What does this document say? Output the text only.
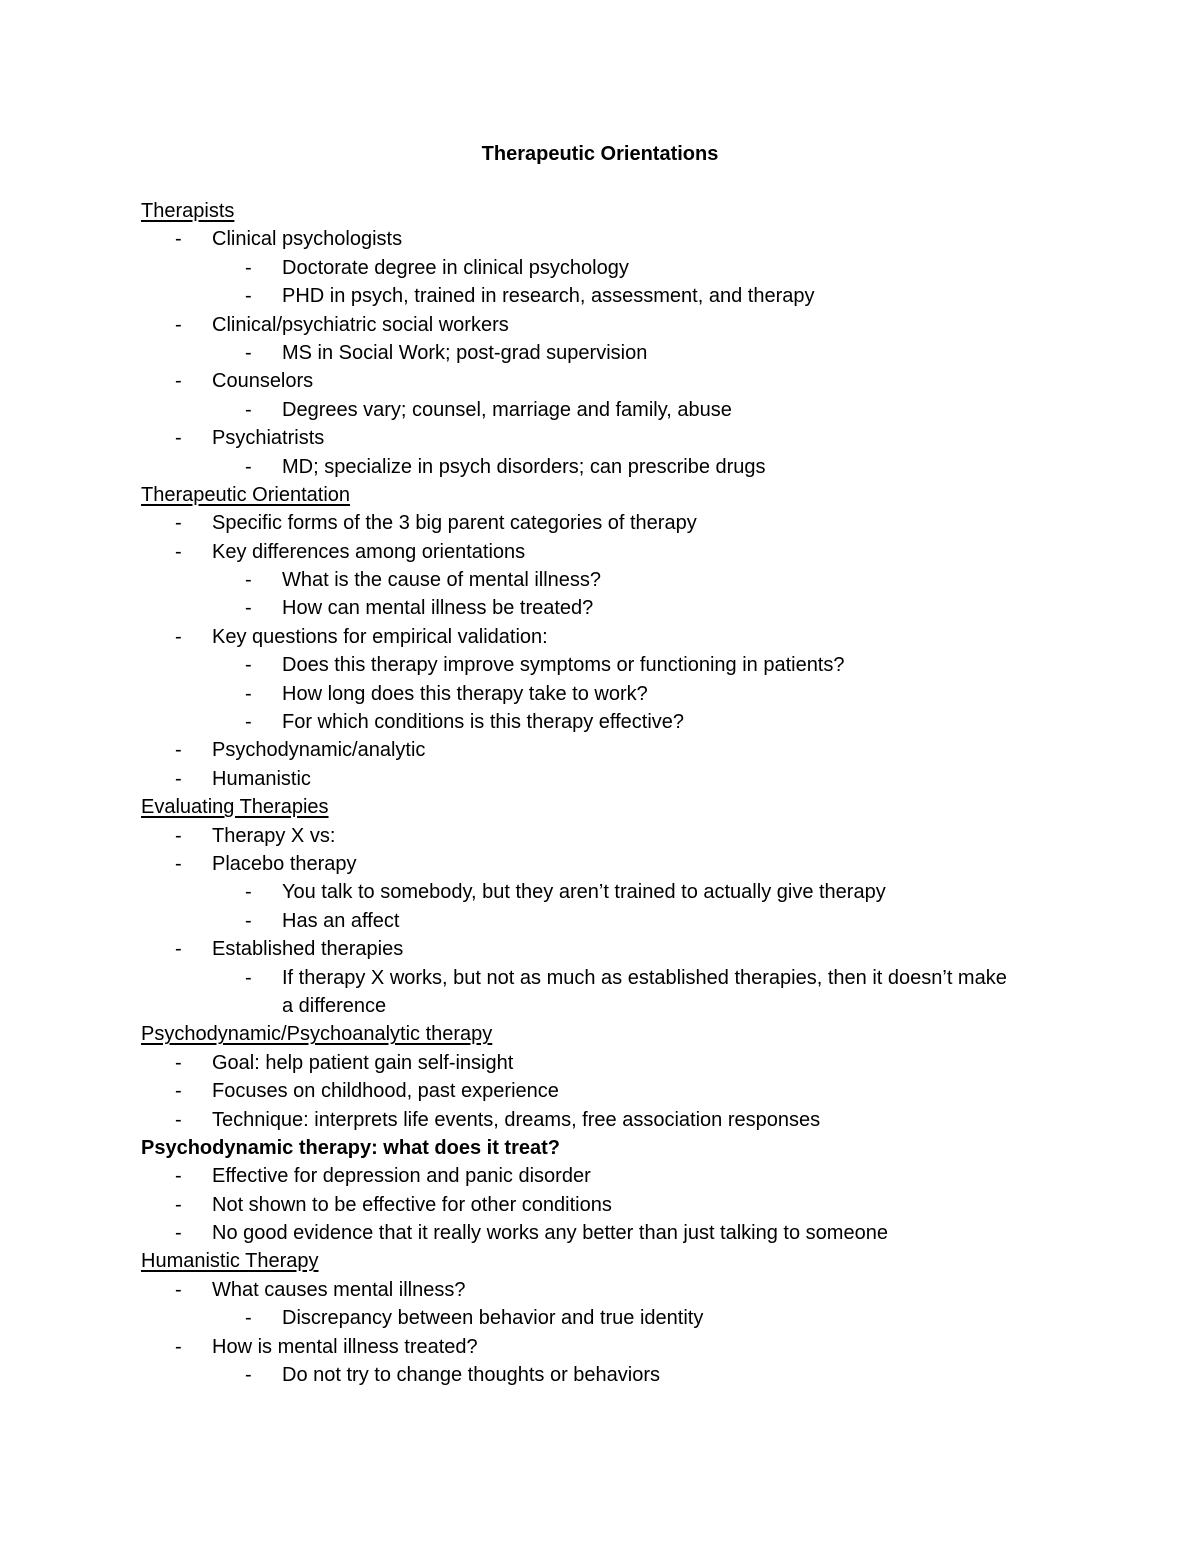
Therapeutic Orientations
Therapists
-	Clinical psychologists
-	Doctorate degree in clinical psychology
-	PHD in psych, trained in research, assessment, and therapy
-	Clinical/psychiatric social workers
-	MS in Social Work; post-grad supervision
-	Counselors
-	Degrees vary; counsel, marriage and family, abuse
-	Psychiatrists
-	MD; specialize in psych disorders; can prescribe drugs
Therapeutic Orientation
-	Specific forms of the 3 big parent categories of therapy
-	Key differences among orientations
-	What is the cause of mental illness?
-	How can mental illness be treated?
-	Key questions for empirical validation:
-	Does this therapy improve symptoms or functioning in patients?
-	How long does this therapy take to work?
-	For which conditions is this therapy effective?
-	Psychodynamic/analytic
-	Humanistic
Evaluating Therapies
-	Therapy X vs:
-	Placebo therapy
-	You talk to somebody, but they aren’t trained to actually give therapy
-	Has an affect
-	Established therapies
-	If therapy X works, but not as much as established therapies, then it doesn’t make a difference
Psychodynamic/Psychoanalytic therapy
-	Goal: help patient gain self-insight
-	Focuses on childhood, past experience
-	Technique: interprets life events, dreams, free association responses
Psychodynamic therapy: what does it treat?
-	Effective for depression and panic disorder
-	Not shown to be effective for other conditions
-	No good evidence that it really works any better than just talking to someone
Humanistic Therapy
-	What causes mental illness?
-	Discrepancy between behavior and true identity
-	How is mental illness treated?
-	Do not try to change thoughts or behaviors
